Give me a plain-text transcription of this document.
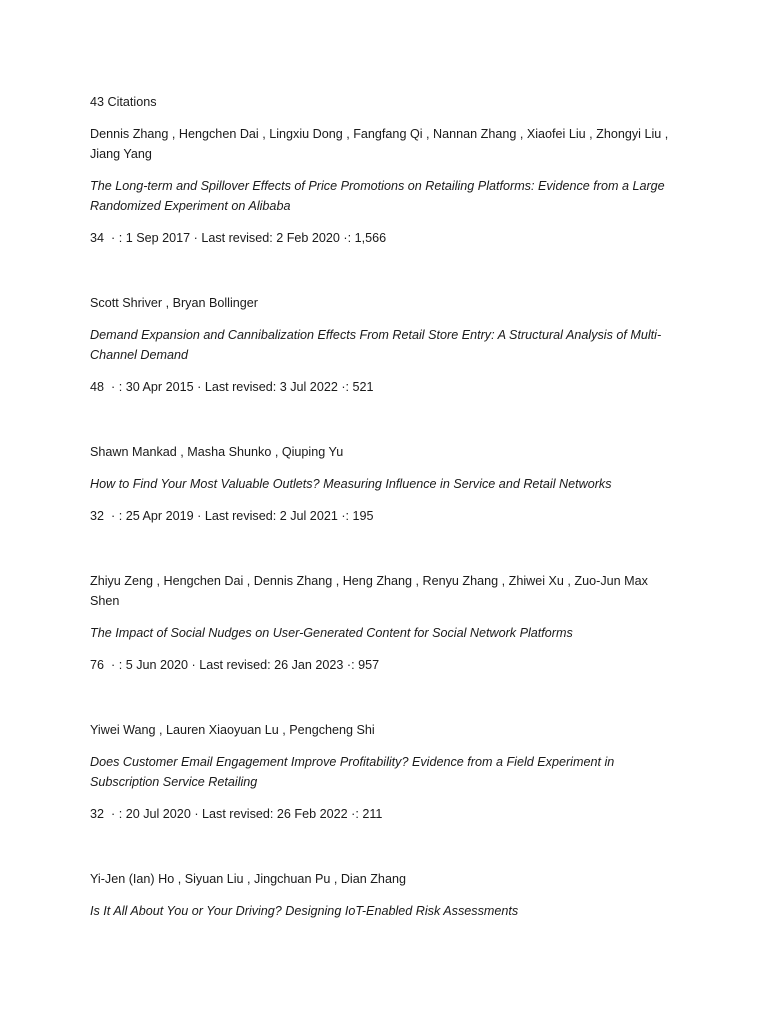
43 Citations

Dennis Zhang , Hengchen Dai , Lingxiu Dong , Fangfang Qi , Nannan Zhang , Xiaofei Liu , Zhongyi Liu , Jiang Yang

The Long-term and Spillover Effects of Price Promotions on Retailing Platforms: Evidence from a Large Randomized Experiment on Alibaba

34  · : 1 Sep 2017 · Last revised: 2 Feb 2020 ·: 1,566

Scott Shriver , Bryan Bollinger

Demand Expansion and Cannibalization Effects From Retail Store Entry: A Structural Analysis of Multi-Channel Demand

48  · : 30 Apr 2015 · Last revised: 3 Jul 2022 ·: 521

Shawn Mankad , Masha Shunko , Qiuping Yu

How to Find Your Most Valuable Outlets? Measuring Influence in Service and Retail Networks

32  · : 25 Apr 2019 · Last revised: 2 Jul 2021 ·: 195

Zhiyu Zeng , Hengchen Dai , Dennis Zhang , Heng Zhang , Renyu Zhang , Zhiwei Xu , Zuo-Jun Max Shen

The Impact of Social Nudges on User-Generated Content for Social Network Platforms

76  · : 5 Jun 2020 · Last revised: 26 Jan 2023 ·: 957

Yiwei Wang , Lauren Xiaoyuan Lu , Pengcheng Shi

Does Customer Email Engagement Improve Profitability? Evidence from a Field Experiment in Subscription Service Retailing

32  · : 20 Jul 2020 · Last revised: 26 Feb 2022 ·: 211

Yi-Jen (Ian) Ho , Siyuan Liu , Jingchuan Pu , Dian Zhang

Is It All About You or Your Driving? Designing IoT-Enabled Risk Assessments
